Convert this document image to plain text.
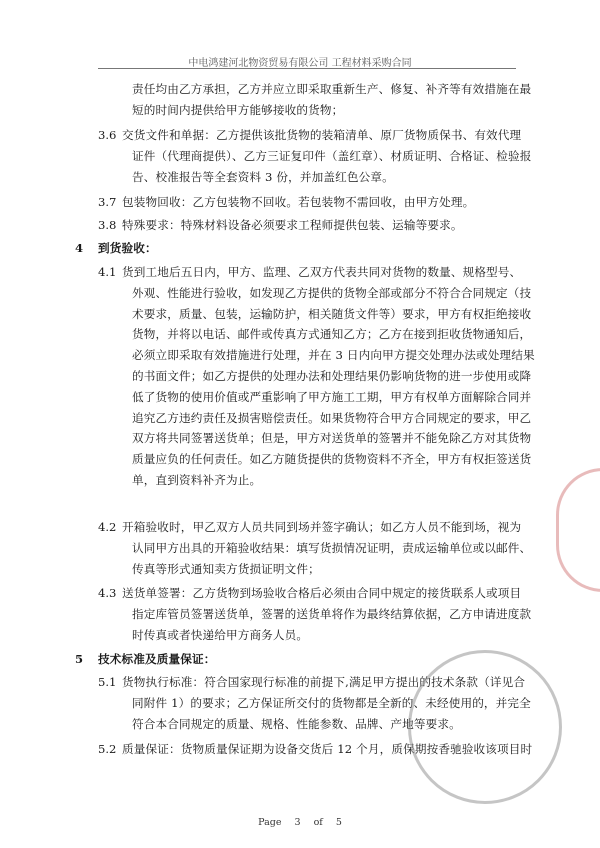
中电鸿建河北物资贸易有限公司 工程材料采购合同
责任均由乙方承担，乙方并应立即采取重新生产、修复、补齐等有效措施在最
短的时间内提供给甲方能够接收的货物；
3.6 交货文件和单据：乙方提供该批货物的装箱清单、原厂货物质保书、有效代理
证件（代理商提供）、乙方三证复印件（盖红章）、材质证明、合格证、检验报
告、校准报告等全套资料 3 份，并加盖红色公章。
3.7 包装物回收：乙方包装物不回收。若包装物不需回收，由甲方处理。
3.8 特殊要求：特殊材料设备必须要求工程师提供包装、运输等要求。
4 到货验收：
4.1 货到工地后五日内，甲方、监理、乙双方代表共同对货物的数量、规格型号、
外观、性能进行验收，如发现乙方提供的货物全部或部分不符合合同规定（技
术要求，质量、包装，运输防护，相关随货文件等）要求，甲方有权拒绝接收
货物，并将以电话、邮件或传真方式通知乙方；乙方在接到拒收货物通知后，
必须立即采取有效措施进行处理，并在 3 日内向甲方提交处理办法或处理结果
的书面文件；如乙方提供的处理办法和处理结果仍影响货物的进一步使用或降
低了货物的使用价值或严重影响了甲方施工工期，甲方有权单方面解除合同并
追究乙方违约责任及损害赔偿责任。如果货物符合甲方合同规定的要求，甲乙
双方将共同签署送货单；但是，甲方对送货单的签署并不能免除乙方对其货物
质量应负的任何责任。如乙方随货提供的货物资料不齐全，甲方有权拒签送货
单，直到资料补齐为止。
4.2 开箱验收时，甲乙双方人员共同到场并签字确认；如乙方人员不能到场，视为
认同甲方出具的开箱验收结果：填写货损情况证明，责成运输单位或以邮件、
传真等形式通知卖方货损证明文件；
4.3 送货单签署：乙方货物到场验收合格后必须由合同中规定的接货联系人或项目
指定库管员签署送货单，签署的送货单将作为最终结算依据，乙方申请进度款
时传真或者快递给甲方商务人员。
5 技术标准及质量保证：
5.1 货物执行标准：符合国家现行标准的前提下,满足甲方提出的技术条款（详见合
同附件 1）的要求；乙方保证所交付的货物都是全新的、未经使用的，并完全
符合本合同规定的质量、规格、性能参数、品牌、产地等要求。
5.2 质量保证：货物质量保证期为设备交货后 12 个月，质保期按香驰验收该项目时
Page 3 of 5
